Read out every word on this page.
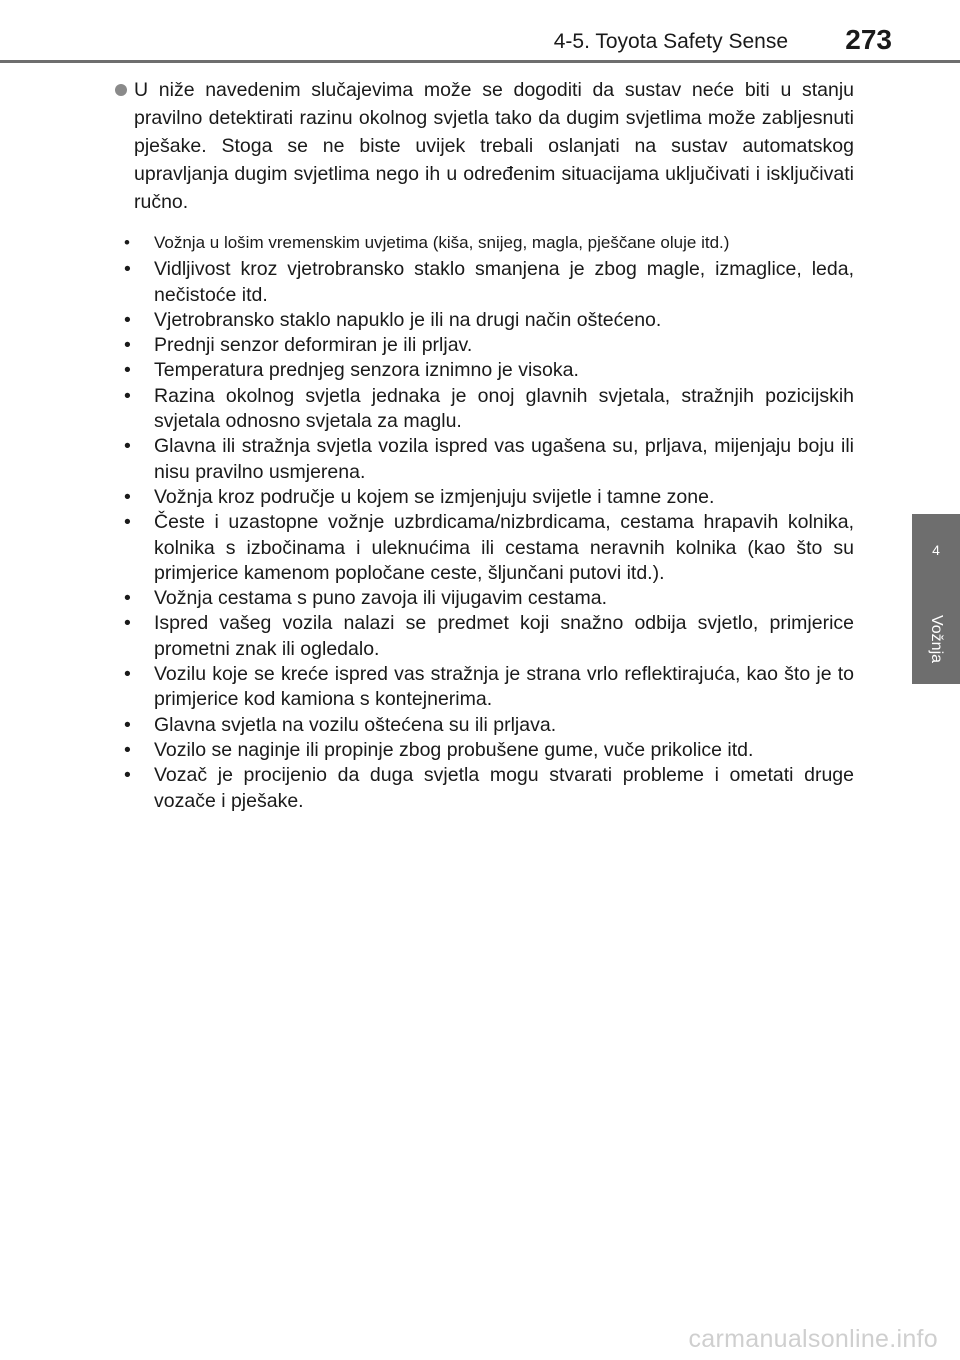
4-5. Toyota Safety Sense 273
4
Vožnja

U niže navedenim slučajevima može se dogoditi da sustav neće biti u stanju pravilno detektirati razinu okolnog svjetla tako da dugim svjetlima može zabljesnuti pješake. Stoga se ne biste uvijek trebali oslanjati na sustav automatskog upravljanja dugim svjetlima nego ih u određenim situacijama uključivati i isključivati ručno.

• Vožnja u lošim vremenskim uvjetima (kiša, snijeg, magla, pješčane oluje itd.)
• Vidljivost kroz vjetrobransko staklo smanjena je zbog magle, izmaglice, leda, nečistoće itd.
• Vjetrobransko staklo napuklo je ili na drugi način oštećeno.
• Prednji senzor deformiran je ili prljav.
• Temperatura prednjeg senzora iznimno je visoka.
• Razina okolnog svjetla jednaka je onoj glavnih svjetala, stražnjih pozicijskih svjetala odnosno svjetala za maglu.
• Glavna ili stražnja svjetla vozila ispred vas ugašena su, prljava, mijenjaju boju ili nisu pravilno usmjerena.
• Vožnja kroz područje u kojem se izmjenjuju svijetle i tamne zone.
• Česte i uzastopne vožnje uzbrdicama/nizbrdicama, cestama hrapavih kolnika, kolnika s izbočinama i uleknućima ili cestama neravnih kolnika (kao što su primjerice kamenom popločane ceste, šljunčani putovi itd.).
• Vožnja cestama s puno zavoja ili vijugavim cestama.
• Ispred vašeg vozila nalazi se predmet koji snažno odbija svjetlo, primjerice prometni znak ili ogledalo.
• Vozilu koje se kreće ispred vas stražnja je strana vrlo reflektirajuća, kao što je to primjerice kod kamiona s kontejnerima.
• Glavna svjetla na vozilu oštećena su ili prljava.
• Vozilo se naginje ili propinje zbog probušene gume, vuče prikolice itd.
• Vozač je procijenio da duga svjetla mogu stvarati probleme i ometati druge vozače i pješake.
carmanualsonline.info
